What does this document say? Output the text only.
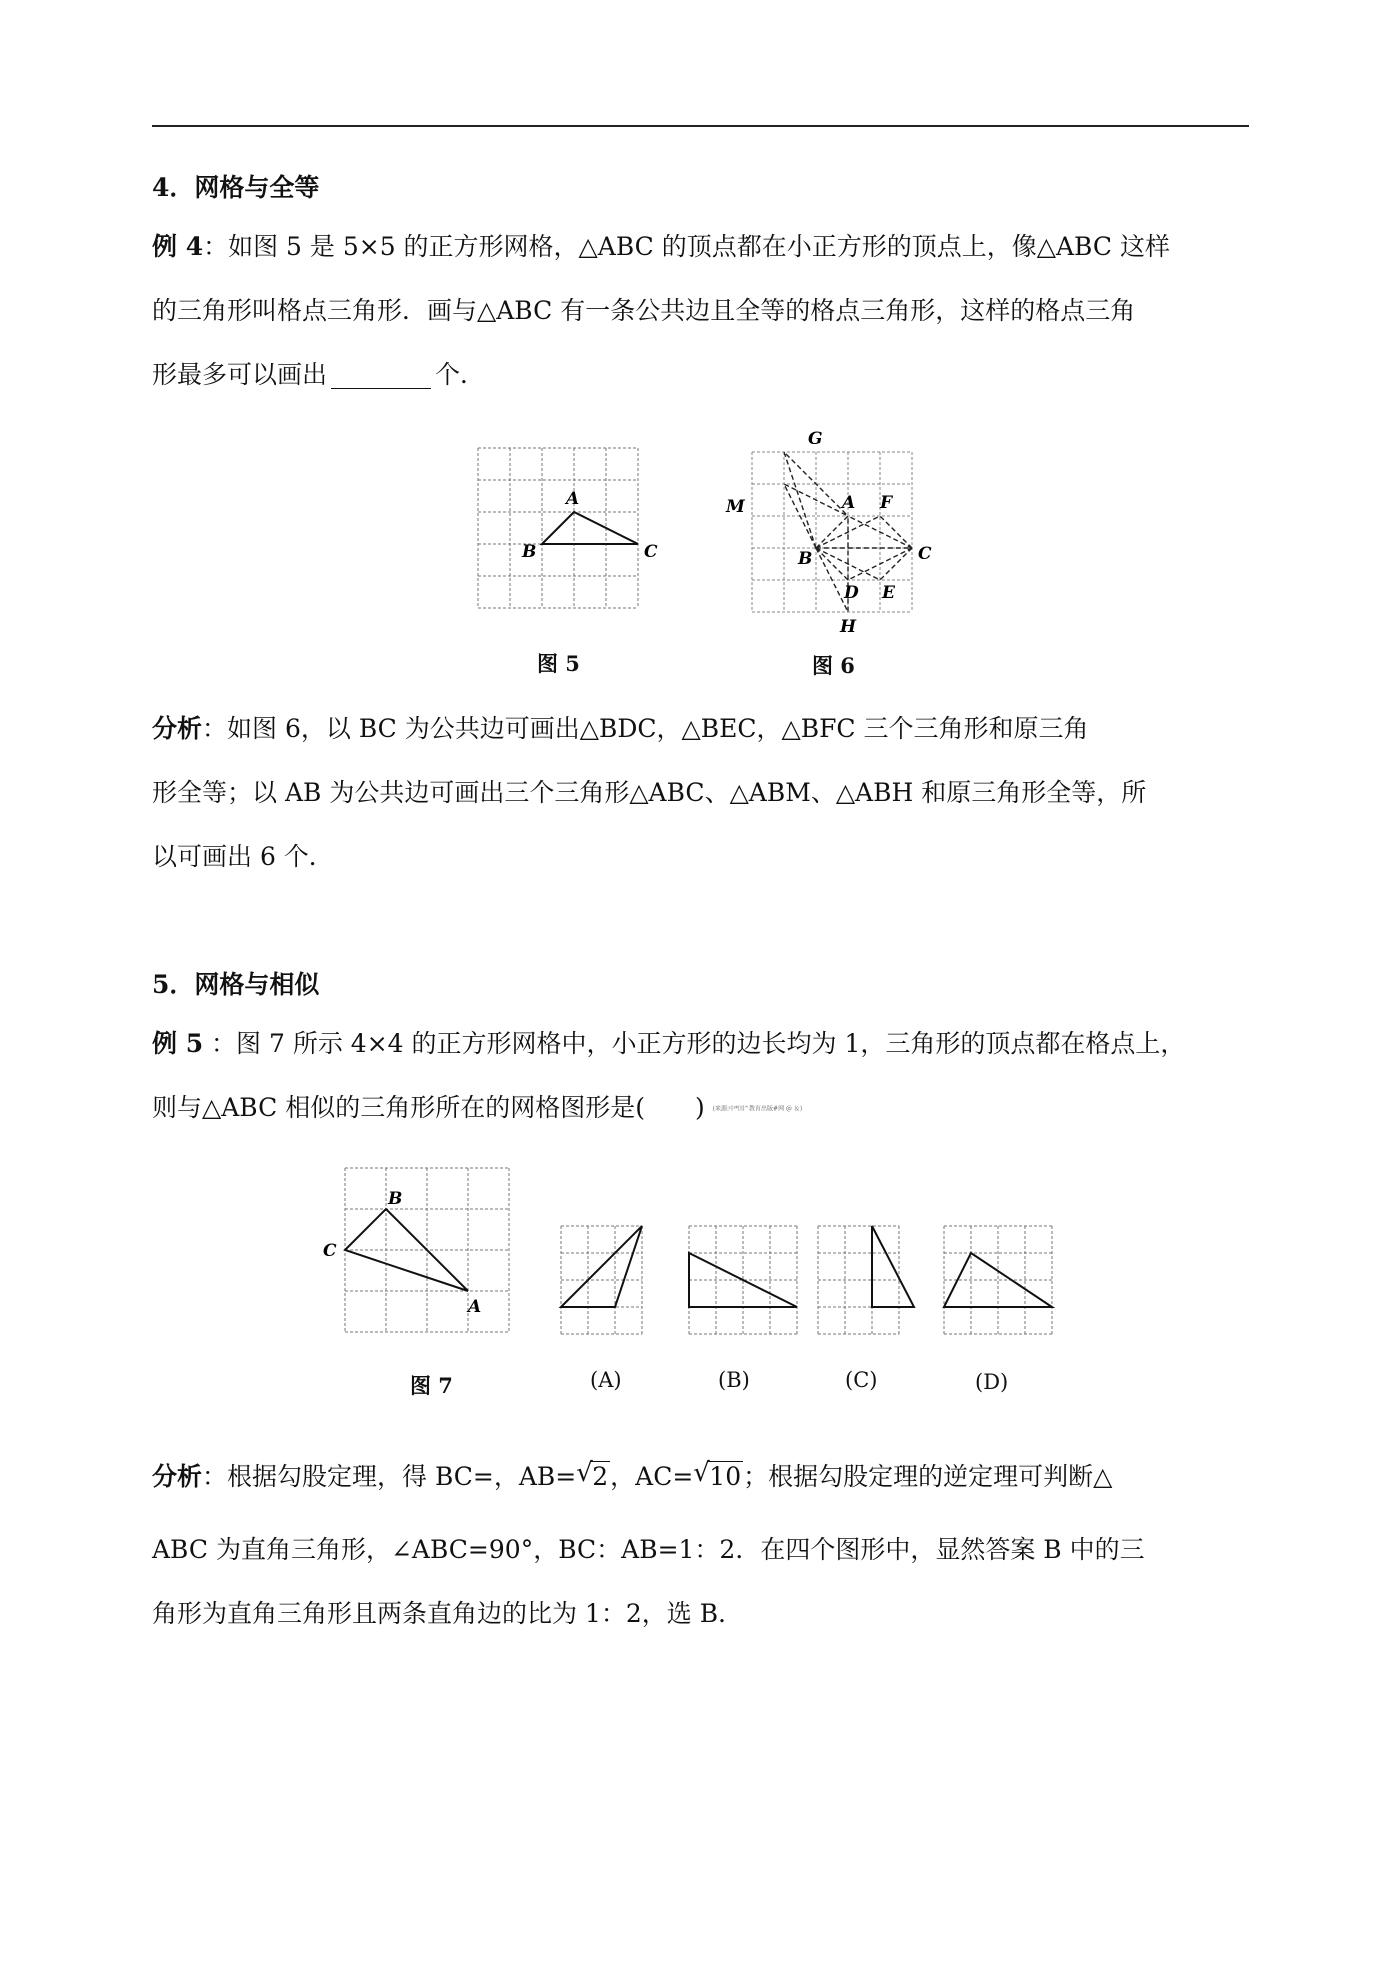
4．网格与全等
例 4：如图 5 是 5×5 的正方形网格，△ABC 的顶点都在小正方形的顶点上，像△ABC 这样
的三角形叫格点三角形．画与△ABC 有一条公共边且全等的格点三角形，这样的格点三角
形最多可以画出	个．
A
B	C
G
M	A F
B	C
D E
H
图 5	图 6
分析：如图 6，以 BC 为公共边可画出△BDC，△BEC，△BFC 三个三角形和原三角
形全等；以 AB 为公共边可画出三个三角形△ABC、△ABM、△ABH 和原三角形全等，所
以可画出 6 个．
5．网格与相似
例 5 ：图 7 所示 4×4 的正方形网格中，小正方形的边长均为 1，三角形的顶点都在格点上，
则与△ABC 相似的三角形所在的网格图形是(　　) (来源:中*国^教育出版#网 @ ＆)
B
C
A
图 7	(A)	(B)	(C)	(D)
分析：根据勾股定理，得 BC=，AB= √ 2，AC= √ 10；根据勾股定理的逆定理可判断△
ABC 为直角三角形，∠ABC=90°，BC：AB=1：2．在四个图形中，显然答案 B 中的三
角形为直角三角形且两条直角边的比为 1：2，选 B．
